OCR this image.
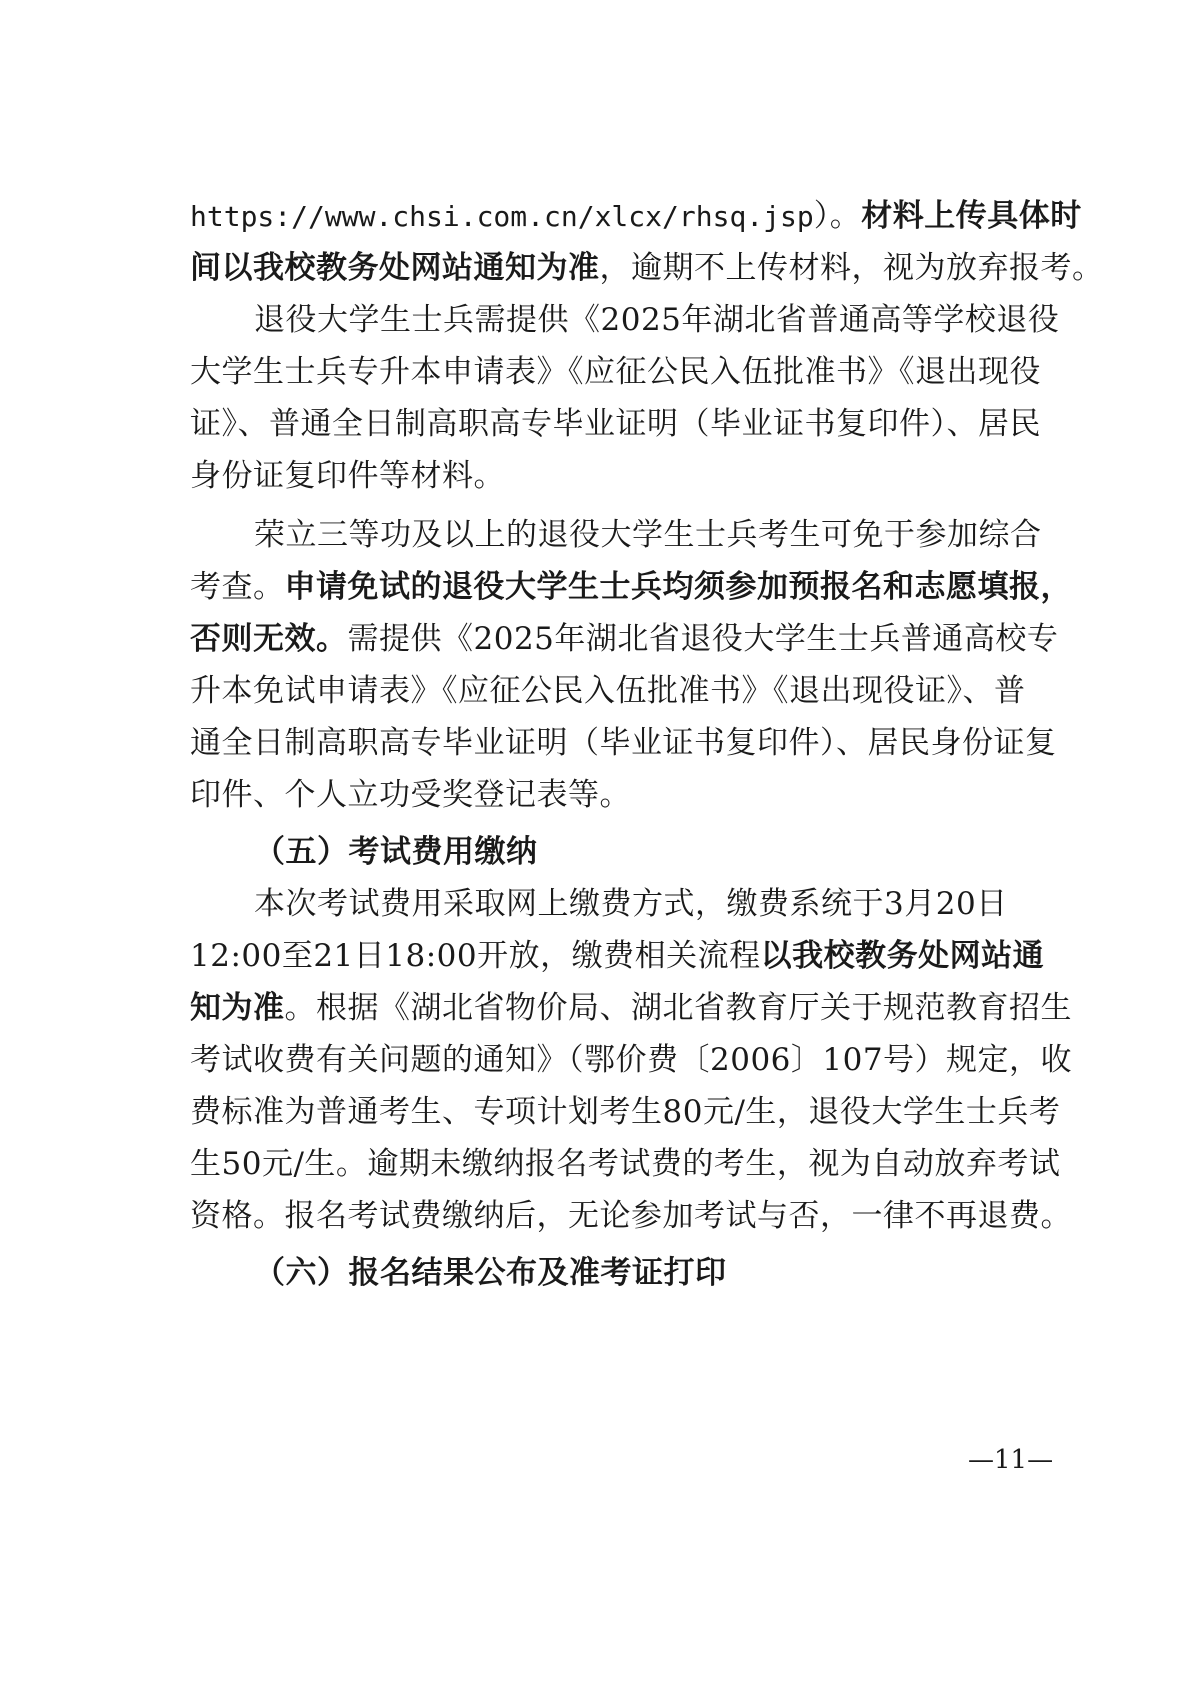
https://www.chsi.com.cn/xlcx/rhsq.jsp）。材料上传具体时
间以我校教务处网站通知为准，逾期不上传材料，视为放弃报考。
退役大学生士兵需提供《2025年湖北省普通高等学校退役
大学生士兵专升本申请表》《应征公民入伍批准书》《退出现役
证》、普通全日制高职高专毕业证明（毕业证书复印件）、居民
身份证复印件等材料。
荣立三等功及以上的退役大学生士兵考生可免于参加综合
考查。申请免试的退役大学生士兵均须参加预报名和志愿填报，
否则无效。需提供《2025年湖北省退役大学生士兵普通高校专
升本免试申请表》《应征公民入伍批准书》《退出现役证》、普
通全日制高职高专毕业证明（毕业证书复印件）、居民身份证复
印件、个人立功受奖登记表等。
（五）考试费用缴纳
本次考试费用采取网上缴费方式，缴费系统于3月20日
12:00至21日18:00开放，缴费相关流程以我校教务处网站通
知为准。根据《湖北省物价局、湖北省教育厅关于规范教育招生
考试收费有关问题的通知》（鄂价费〔2006〕107号）规定，收
费标准为普通考生、专项计划考生80元/生，退役大学生士兵考
生50元/生。逾期未缴纳报名考试费的考生，视为自动放弃考试
资格。报名考试费缴纳后，无论参加考试与否，一律不再退费。
（六）报名结果公布及准考证打印
—11—
